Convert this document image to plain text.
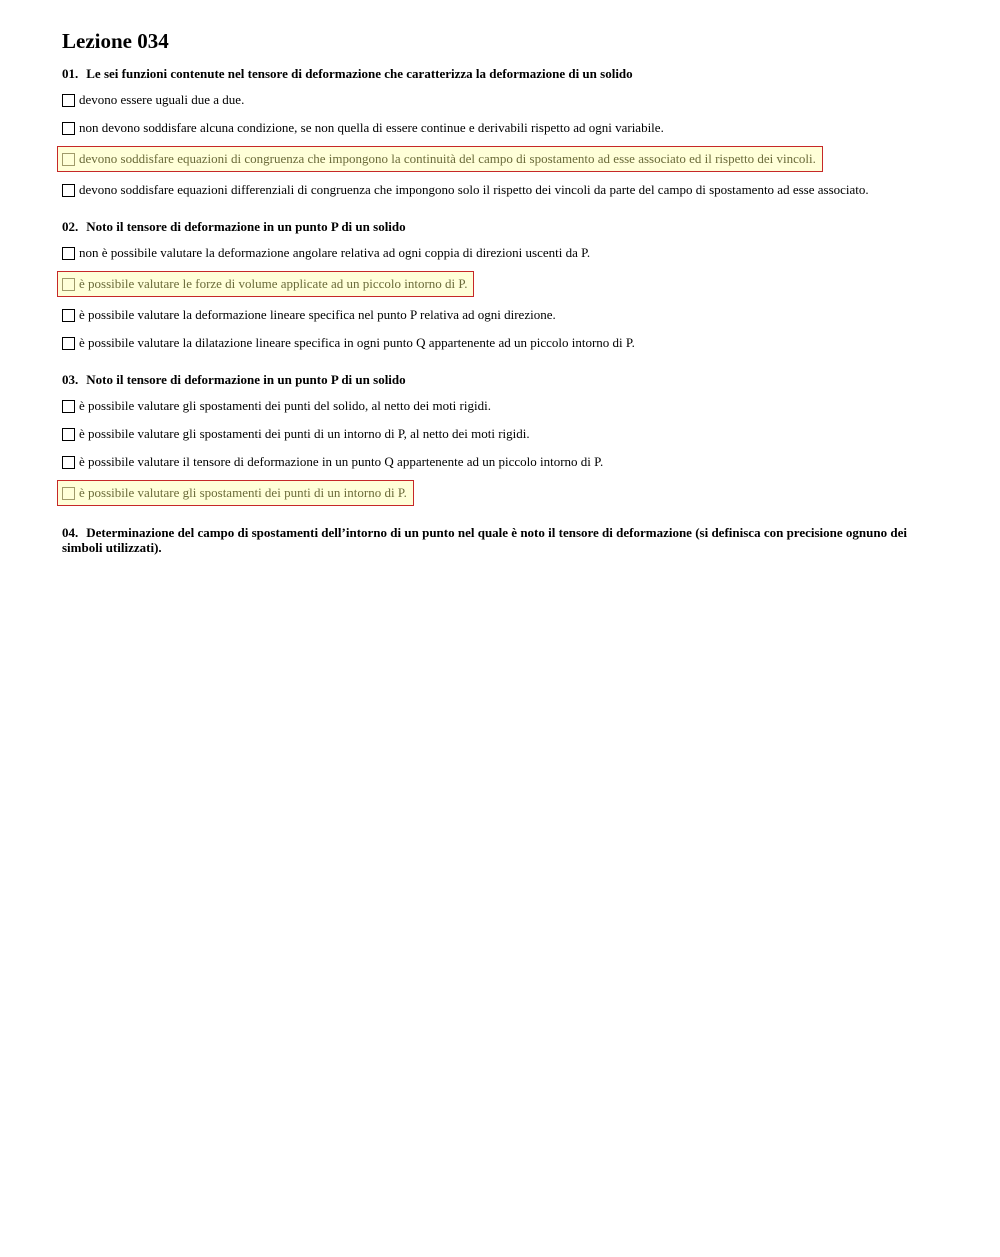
Lezione 034
01. Le sei funzioni contenute nel tensore di deformazione che caratterizza la deformazione di un solido
devono essere uguali due a due.
non devono soddisfare alcuna condizione, se non quella di essere continue e derivabili rispetto ad ogni variabile.
devono soddisfare equazioni di congruenza che impongono la continuità del campo di spostamento ad esse associato ed il rispetto dei vincoli.
devono soddisfare equazioni differenziali di congruenza che impongono solo il rispetto dei vincoli da parte del campo di spostamento ad esse associato.
02. Noto il tensore di deformazione in un punto P di un solido
non è possibile valutare la deformazione angolare relativa ad ogni coppia di direzioni uscenti da P.
è possibile valutare le forze di volume applicate ad un piccolo intorno di P.
è possibile valutare la deformazione lineare specifica nel punto P relativa ad ogni direzione.
è possibile valutare la dilatazione lineare specifica in ogni punto Q appartenente ad un piccolo intorno di P.
03. Noto il tensore di deformazione in un punto P di un solido
è possibile valutare gli spostamenti dei punti del solido, al netto dei moti rigidi.
è possibile valutare gli spostamenti dei punti di un intorno di P, al netto dei moti rigidi.
è possibile valutare il tensore di deformazione in un punto Q appartenente ad un piccolo intorno di P.
è possibile valutare gli spostamenti dei punti di un intorno di P.
04. Determinazione del campo di spostamenti dell’intorno di un punto nel quale è noto il tensore di deformazione (si definisca con precisione ognuno dei simboli utilizzati).
